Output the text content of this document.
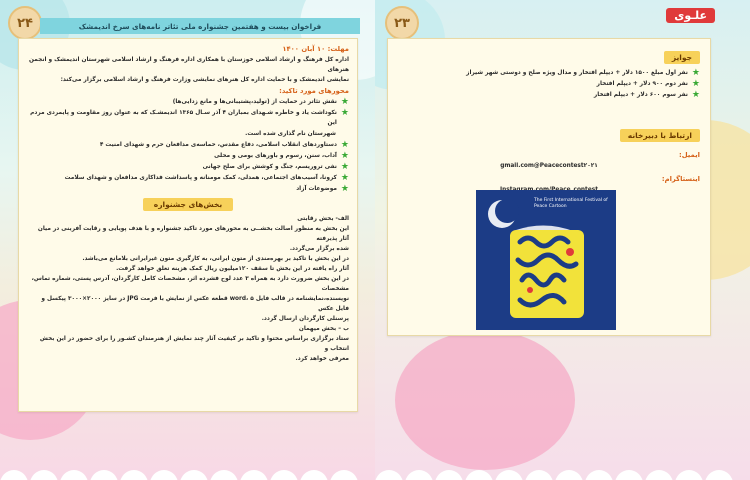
۲۴	فراخوان بیست و هفتمین جشنواره ملی تئاتر نامه‌های سرخ اندیمشک
مهلت: ۱۰ آبان ۱۴۰۰
اداره کل فرهنگ و ارشاد اسلامی خوزستان با همکاری اداره فرهنگ و ارشاد اسلامی شهرستان اندیمشک و انجمن هنرهای
نمایشی اندیمشک و با حمایت اداره کل هنرهای نمایشی وزارت فرهنگ و ارشاد اسلامی برگزار می‌کند:
محورهای مورد تاکید:
★
نقش تئاتر در حمایت از (تولید،پشتیبانی‌ها و مانع زدایی‌ها)
★
نکوداشت یاد و خاطره شـهدای بمباران ۴ آذر سـال ۱۳۶۵ اندیمشـک که به عنوان روز مقاومت و پایمردی مردم این
شهرستان نام گذاری شده است.
★
دستاوردهای انقلاب اسلامی، دفاع مقدس، حماسه‌ی مدافعان حرم و شهدای امنیت ۴
★
آداب، سنن، رسوم و باورهای بومی و محلی
★
نفی تروریسم، جنگ و کوشش برای صلح جهانی
★
کرونا، آسیب‌های اجتماعی، همدلی، کمک مومنانه و پاسداشت فداکاری مدافعان و شهدای سلامت
★
موضوعات آزاد
بخش‌های جشنواره
الف- بخش رقابتی
این بخش به منظور اصالت بخشــی به محورهای مورد تاکید جشنواره و با هدف پویایی و رقابت آفرینی در میان آثار پذیرفته
شده برگزار می‌گردد.
در این بخش با تاکید بر بهره‌مندی از متون ایرانی، به کارگیری متون غیرایرانی بلامانع می‌باشد.
آثار راه یافته در این بخش تا سقف ۱۲۰میلیون ریال کمک هزینه تعلق خواهد گرفت.
در این بخش ضرورت دارد به همراه ۳ عدد لوح فشرده اثر، مشخصات کامل کارگردان، آدرس پستی، شماره تماس، مشخصات
نویسنده،نمایشنامه در قالب فایل word، ۵ قطعه عکس از نمایش با فرمت JPG در سایز ۲۰۰۰×۳۰۰۰ پیکسل و فایل عکس
پرسنلی کارگردان ارسال گردد.
ب – بخش میهمان
ستاد برگزاری براساس محتوا و تاکید بر کیفیت آثار چند نمایش از هنرمندان کشـور را برای حضور در این بخش انتخاب و
معرفی خواهد کرد.
۲۳	علـوی
جوایز
★
نفر اول مبلغ ۱۵۰۰ دلار + دیپلم افتخار و مدال ویژه صلح و دوستی شهر شیراز
★
نفر دوم ۹۰۰ دلار + دیپلم افتخار
★
نفر سوم ۶۰۰ دلار + دیپلم افتخار
ارتباط با دبیرخانه
ایمیل:
gmail.com@Peacecontest۲۰۲۱
اینستاگرام:
The First International Festival of Peace Cartoon
